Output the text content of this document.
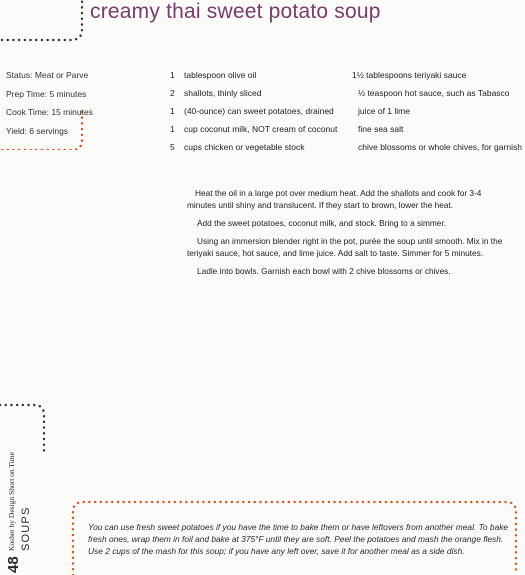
creamy thai sweet potato soup
Status: Meat or Parve
Prep Time: 5 minutes
Cook Time: 15 minutes
Yield: 6 servings
1 tablespoon olive oil
2 shallots, thinly sliced
1 (40-ounce) can sweet potatoes, drained
1 cup coconut milk, NOT cream of coconut
5 cups chicken or vegetable stock
1½ tablespoons teriyaki sauce
½ teaspoon hot sauce, such as Tabasco
juice of 1 lime
fine sea salt
chive blossoms or whole chives, for garnish

Heat the oil in a large pot over medium heat. Add the shallots and cook for 3-4 minutes until shiny and translucent. If they start to brown, lower the heat.

Add the sweet potatoes, coconut milk, and stock. Bring to a simmer.

Using an immersion blender right in the pot, purée the soup until smooth. Mix in the teriyaki sauce, hot sauce, and lime juice. Add salt to taste. Simmer for 5 minutes.

Ladle into bowls. Garnish each bowl with 2 chive blossoms or chives.

48
Kosher by Design Short on Time SOUPS	You can use fresh sweet potatoes if you have the time to bake them or have leftovers from another meal. To bake fresh ones, wrap them in foil and bake at 375°F until they are soft. Peel the potatoes and mash the orange flesh. Use 2 cups of the mash for this soup; if you have any left over, save it for another meal as a side dish.
